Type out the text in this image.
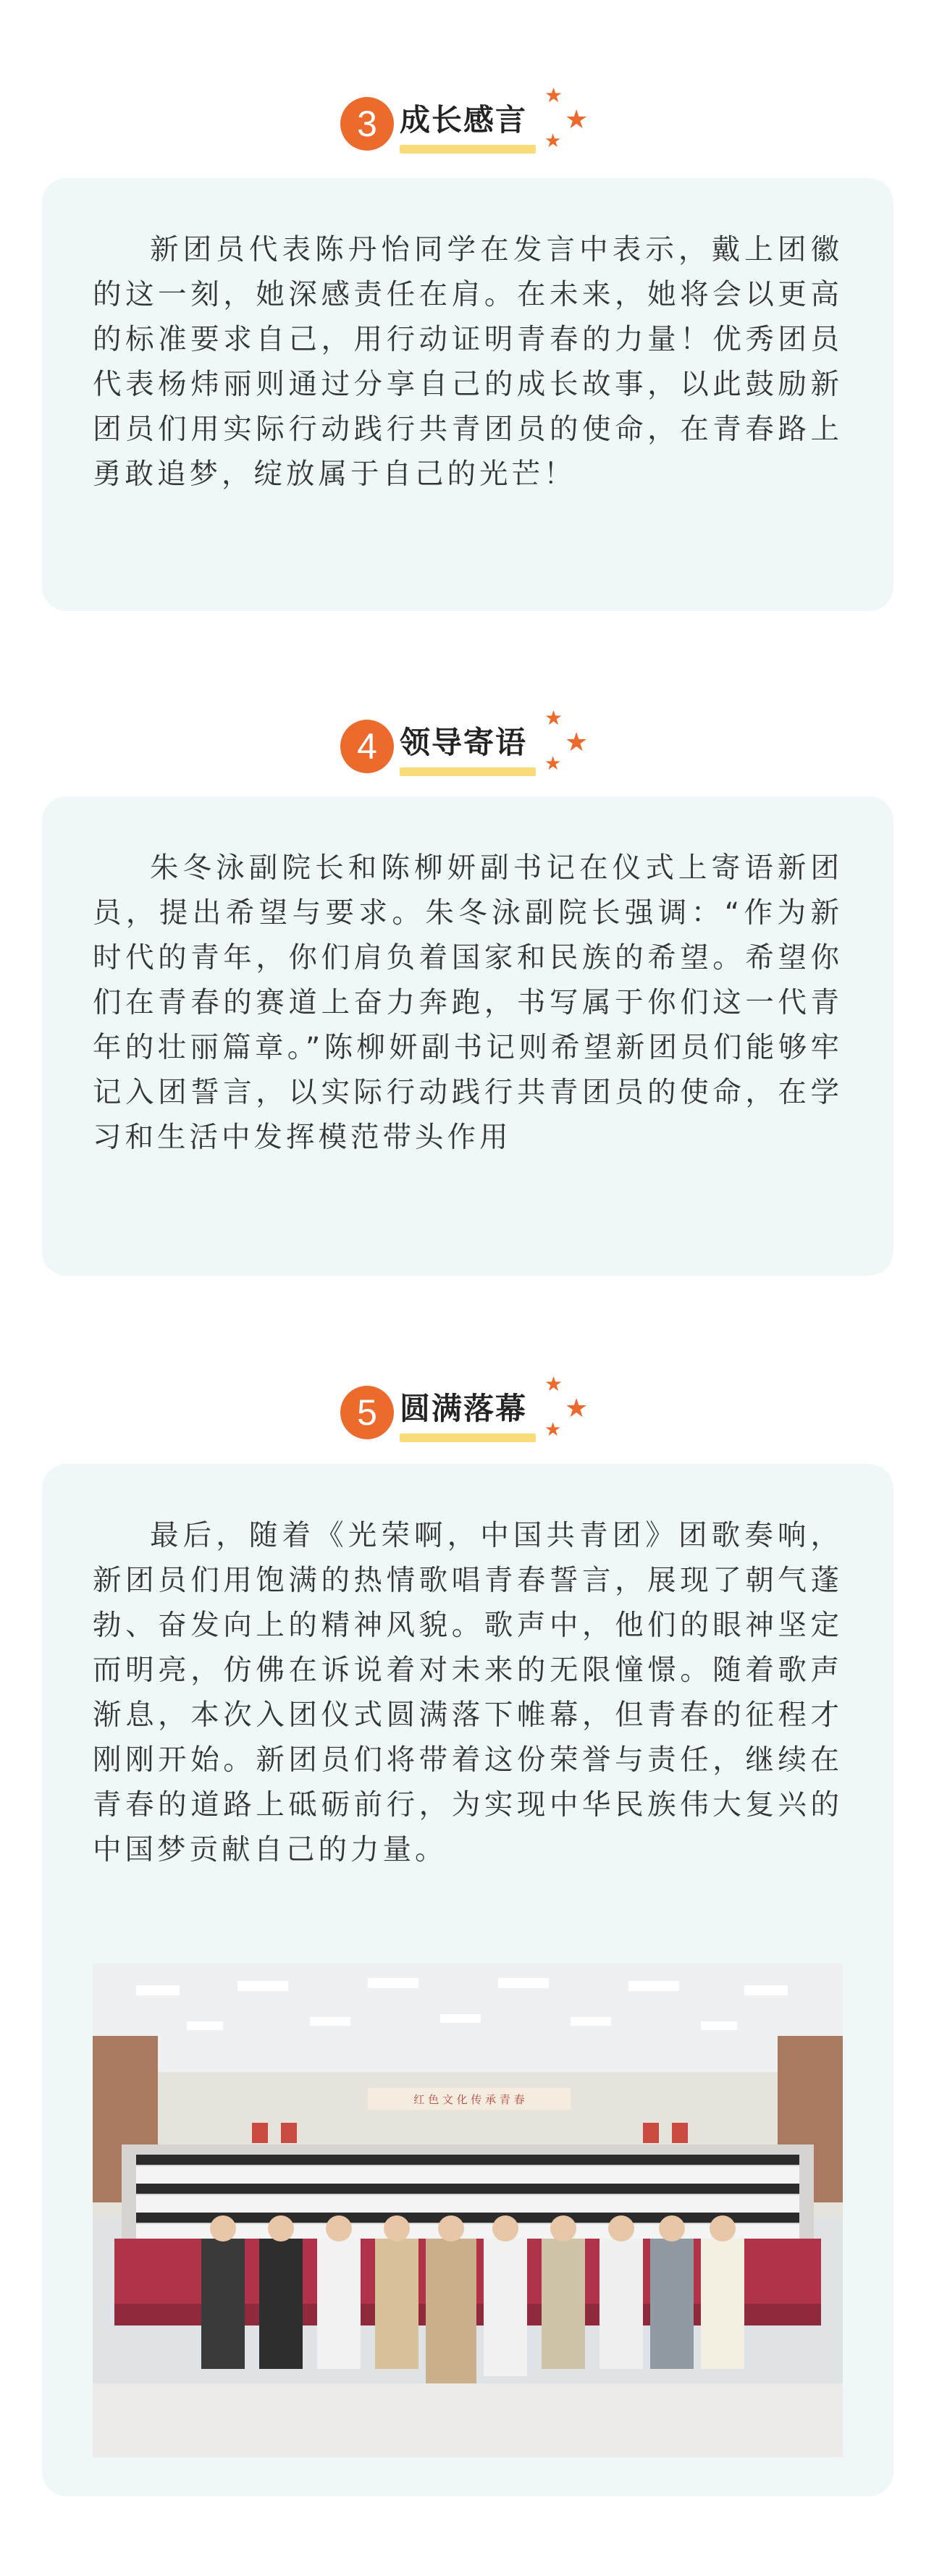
3 成长感言
★
★
★

新团员代表陈丹怡同学在发言中表示，戴上团徽的这一刻，她深感责任在肩。在未来，她将会以更高的标准要求自己，用行动证明青春的力量！优秀团员代表杨炜丽则通过分享自己的成长故事，以此鼓励新团员们用实际行动践行共青团员的使命，在青春路上勇敢追梦，绽放属于自己的光芒！

4 领导寄语
★
★
★

朱冬泳副院长和陈柳妍副书记在仪式上寄语新团员，提出希望与要求。朱冬泳副院长强调：“作为新时代的青年，你们肩负着国家和民族的希望。希望你们在青春的赛道上奋力奔跑，书写属于你们这一代青年的壮丽篇章。”陈柳妍副书记则希望新团员们能够牢记入团誓言，以实际行动践行共青团员的使命，在学习和生活中发挥模范带头作用

5 圆满落幕
★
★
★

最后，随着《光荣啊，中国共青团》团歌奏响，新团员们用饱满的热情歌唱青春誓言，展现了朝气蓬勃、奋发向上的精神风貌。歌声中，他们的眼神坚定而明亮，仿佛在诉说着对未来的无限憧憬。随着歌声渐息，本次入团仪式圆满落下帷幕，但青春的征程才刚刚开始。新团员们将带着这份荣誉与责任，继续在青春的道路上砥砺前行，为实现中华民族伟大复兴的中国梦贡献自己的力量。

红 色 文 化 传 承 青 春
